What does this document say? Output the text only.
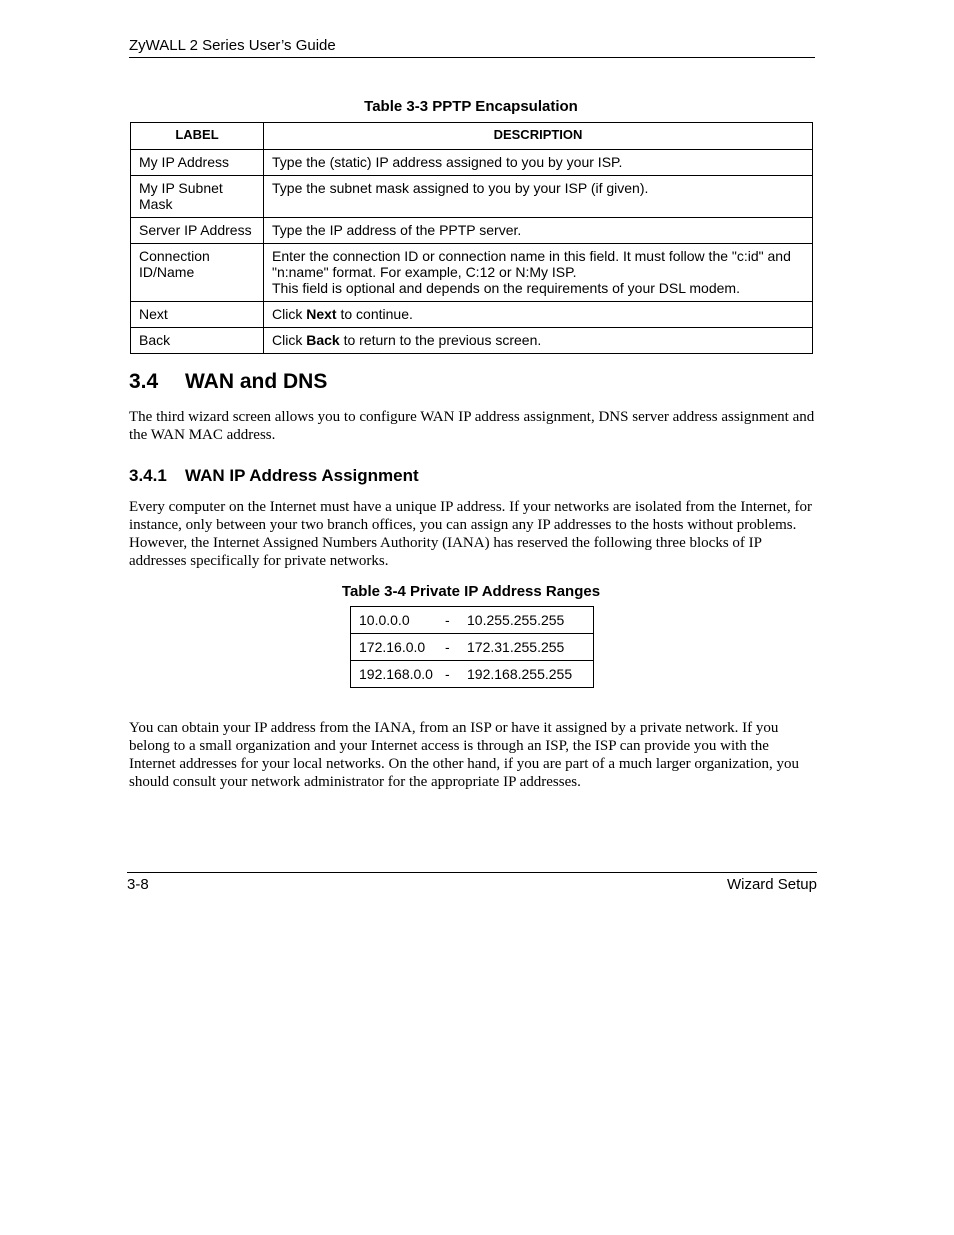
ZyWALL 2 Series User’s Guide
Table 3-3 PPTP Encapsulation
LABEL	DESCRIPTION
My IP Address	Type the (static) IP address assigned to you by your ISP.
My IP Subnet Mask	Type the subnet mask assigned to you by your ISP (if given).
Server IP Address	Type the IP address of the PPTP server.
Connection ID/Name	Enter the connection ID or connection name in this field. It must follow the "c:id" and "n:name" format. For example, C:12 or N:My ISP.
This field is optional and depends on the requirements of your DSL modem.

Next	Click Next to continue.
Back	Click Back to return to the previous screen.
3.4 WAN and DNS

The third wizard screen allows you to configure WAN IP address assignment, DNS server address assignment and the WAN MAC address.

3.4.1 WAN IP Address Assignment

Every computer on the Internet must have a unique IP address. If your networks are isolated from the Internet, for instance, only between your two branch offices, you can assign any IP addresses to the hosts without problems. However, the Internet Assigned Numbers Authority (IANA) has reserved the following three blocks of IP addresses specifically for private networks.

Table 3-4 Private IP Address Ranges
10.0.0.0	-	10.255.255.255
172.16.0.0	-	172.31.255.255
192.168.0.0	-	192.168.255.255

You can obtain your IP address from the IANA, from an ISP or have it assigned by a private network. If you belong to a small organization and your Internet access is through an ISP, the ISP can provide you with the Internet addresses for your local networks. On the other hand, if you are part of a much larger organization, you should consult your network administrator for the appropriate IP addresses.

3-8	Wizard Setup
